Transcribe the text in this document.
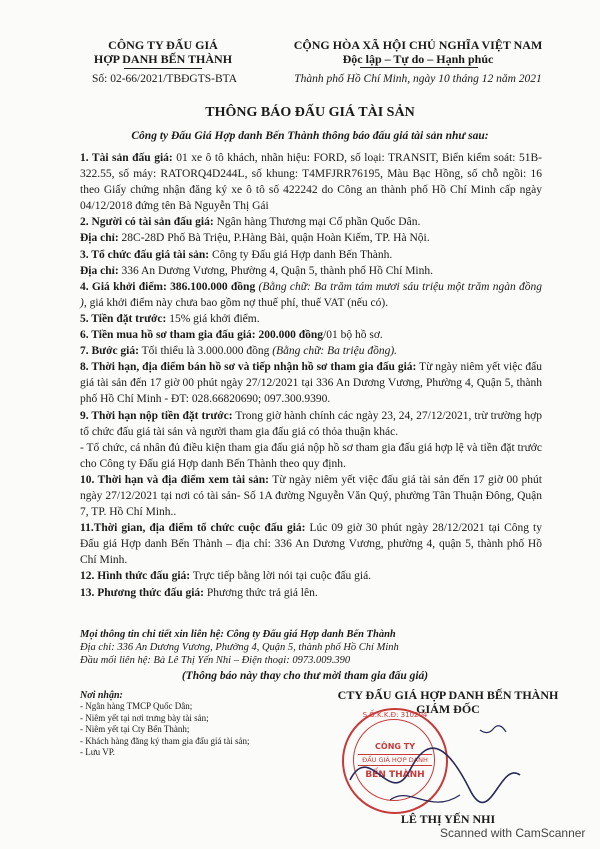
CÔNG TY ĐẤU GIÁ
HỢP DANH BẾN THÀNH
Số: 02-66/2021/TBĐGTS-BTA
CỘNG HÒA XÃ HỘI CHỦ NGHĨA VIỆT NAM
Độc lập – Tự do – Hạnh phúc
Thành phố Hồ Chí Minh, ngày 10 tháng 12 năm 2021
THÔNG BÁO ĐẤU GIÁ TÀI SẢN
Công ty Đấu Giá Hợp danh Bến Thành thông báo đấu giá tài sản như sau:

1. Tài sản đấu giá: 01 xe ô tô khách, nhãn hiệu: FORD, số loại: TRANSIT, Biển kiểm soát: 51B-322.55, số máy: RATORQ4D244L, số khung: T4MFJRR76195, Màu Bạc Hồng, số chỗ ngồi: 16 theo Giấy chứng nhận đăng ký xe ô tô số 422242 do Công an thành phố Hồ Chí Minh cấp ngày 04/12/2018 đứng tên Bà Nguyễn Thị Gái

2. Người có tài sản đấu giá: Ngân hàng Thương mại Cổ phần Quốc Dân.

Địa chỉ: 28C-28D Phố Bà Triệu, P.Hàng Bài, quận Hoàn Kiếm, TP. Hà Nội.

3. Tổ chức đấu giá tài sản: Công ty Đấu giá Hợp danh Bến Thành.

Địa chỉ: 336 An Dương Vương, Phường 4, Quận 5, thành phố Hồ Chí Minh.

4. Giá khởi điểm: 386.100.000 đồng (Bằng chữ: Ba trăm tám mươi sáu triệu một trăm ngàn đồng ), giá khởi điểm này chưa bao gồm nợ thuế phí, thuế VAT (nếu có).

5. Tiền đặt trước: 15% giá khởi điểm.

6. Tiền mua hồ sơ tham gia đấu giá: 200.000 đồng/01 bộ hồ sơ.

7. Bước giá: Tối thiểu là 3.000.000 đồng (Bằng chữ: Ba triệu đồng).

8. Thời hạn, địa điểm bán hồ sơ và tiếp nhận hồ sơ tham gia đấu giá: Từ ngày niêm yết việc đấu giá tài sản đến 17 giờ 00 phút ngày 27/12/2021 tại 336 An Dương Vương, Phường 4, Quận 5, thành phố Hồ Chí Minh - ĐT: 028.66820690; 097.300.9390.

9. Thời hạn nộp tiền đặt trước: Trong giờ hành chính các ngày 23, 24, 27/12/2021, trừ trường hợp tổ chức đấu giá tài sản và người tham gia đấu giá có thỏa thuận khác.

- Tổ chức, cá nhân đủ điều kiện tham gia đấu giá nộp hồ sơ tham gia đấu giá hợp lệ và tiền đặt trước cho Công ty Đấu giá Hợp danh Bến Thành theo quy định.

10. Thời hạn và địa điểm xem tài sản: Từ ngày niêm yết việc đấu giá tài sản đến 17 giờ 00 phút ngày 27/12/2021 tại nơi có tài sản- Số 1A đường Nguyễn Văn Quý, phường Tân Thuận Đông, Quận 7, TP. Hồ Chí Minh..

11.Thời gian, địa điểm tổ chức cuộc đấu giá: Lúc 09 giờ 30 phút ngày 28/12/2021 tại Công ty Đấu giá Hợp danh Bến Thành – địa chỉ: 336 An Dương Vương, phường 4, quận 5, thành phố Hồ Chí Minh.

12. Hình thức đấu giá: Trực tiếp bằng lời nói tại cuộc đấu giá.

13. Phương thức đấu giá: Phương thức trả giá lên.

Mọi thông tin chi tiết xin liên hệ: Công ty Đấu giá Hợp danh Bến Thành
Địa chỉ: 336 An Dương Vương, Phường 4, Quận 5, thành phố Hồ Chí Minh
Đầu mối liên hệ: Bà Lê Thị Yến Nhi – Điện thoại: 0973.009.390
(Thông báo này thay cho thư mời tham gia đấu giá)
Nơi nhận:
- Ngân hàng TMCP Quốc Dân;
- Niêm yết tại nơi trưng bày tài sản;
- Niêm yết tại Cty Bến Thành;
- Khách hàng đăng ký tham gia đấu giá tài sản;
- Lưu VP.
CTY ĐẤU GIÁ HỢP DANH BẾN THÀNH
GIÁM ĐỐC
S.Ố.K.K.Đ: 310204
CÔNG TY
ĐẤU GIÁ HỢP DANH
BẾN THÀNH
LÊ THỊ YẾN NHI
Scanned with CamScanner
